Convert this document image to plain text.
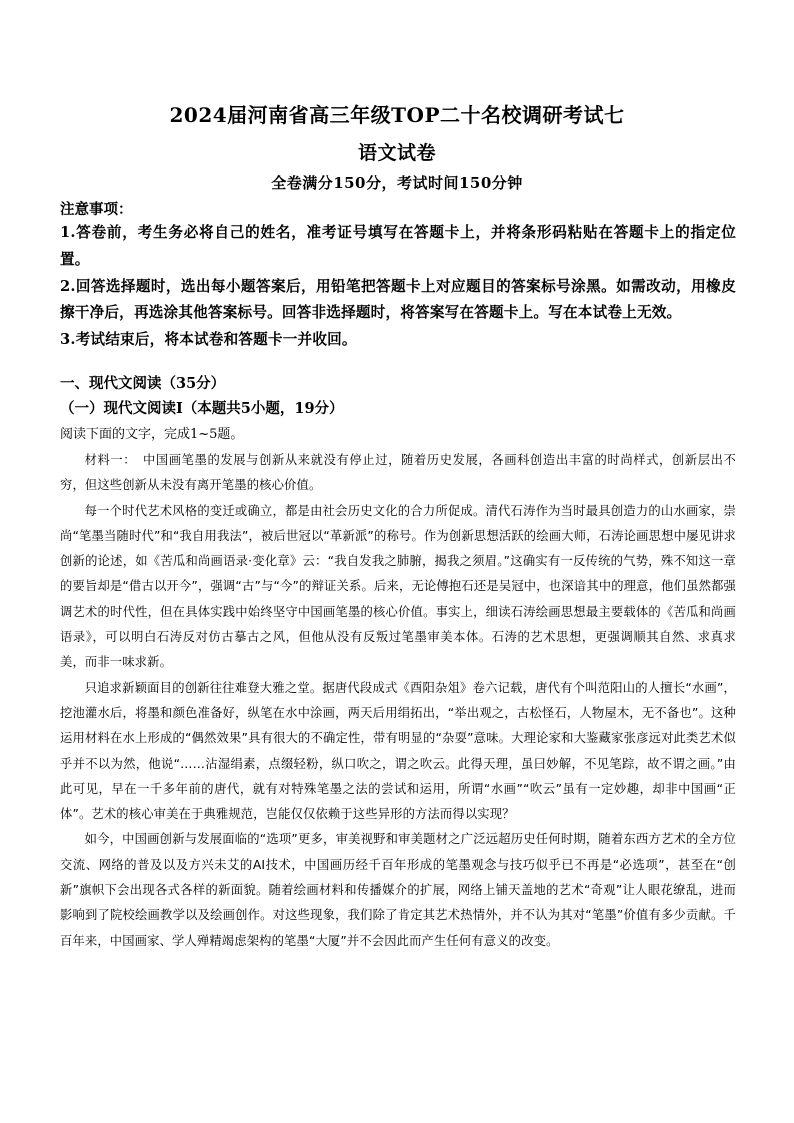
2024届河南省高三年级TOP二十名校调研考试七
语文试卷
全卷满分150分，考试时间150分钟
注意事项：

1.答卷前，考生务必将自己的姓名，准考证号填写在答题卡上，并将条形码粘贴在答题卡上的指定位置。

2.回答选择题时，选出每小题答案后，用铅笔把答题卡上对应题目的答案标号涂黑。如需改动，用橡皮擦干净后，再选涂其他答案标号。回答非选择题时，将答案写在答题卡上。写在本试卷上无效。

3.考试结束后，将本试卷和答题卡一并收回。

一、现代文阅读（35分）
（一）现代文阅读Ⅰ（本题共5小题，19分）
阅读下面的文字，完成1~5题。

材料一：　中国画笔墨的发展与创新从来就没有停止过，随着历史发展，各画科创造出丰富的时尚样式，创新层出不穷，但这些创新从未没有离开笔墨的核心价值。

每一个时代艺术风格的变迁或确立，都是由社会历史文化的合力所促成。清代石涛作为当时最具创造力的山水画家，崇尚“笔墨当随时代”和“我自用我法”，被后世冠以“革新派”的称号。作为创新思想活跃的绘画大师，石涛论画思想中屡见讲求创新的论述，如《苦瓜和尚画语录·变化章》云：“我自发我之肺腑，揭我之须眉。”这确实有一反传统的气势，殊不知这一章的要旨却是“借古以开今”，强调“古”与“今”的辩证关系。后来，无论傅抱石还是吴冠中，也深谙其中的理意，他们虽然都强调艺术的时代性，但在具体实践中始终坚守中国画笔墨的核心价值。事实上，细读石涛绘画思想最主要载体的《苦瓜和尚画语录》，可以明白石涛反对仿古摹古之风，但他从没有反叛过笔墨审美本体。石涛的艺术思想，更强调顺其自然、求真求美，而非一味求新。

只追求新颖面目的创新往往难登大雅之堂。据唐代段成式《酉阳杂俎》卷六记载，唐代有个叫范阳山的人擅长“水画”，挖池灌水后，将墨和颜色准备好，纵笔在水中涂画，两天后用绢拓出，“举出观之，古松怪石，人物屋木，无不备也”。这种运用材料在水上形成的“偶然效果”具有很大的不确定性，带有明显的“杂耍”意味。大理论家和大鉴藏家张彦远对此类艺术似乎并不以为然，他说“……沾湿绢素，点缀轻粉，纵口吹之，谓之吹云。此得天理，虽曰妙解，不见笔踪，故不谓之画。”由此可见，早在一千多年前的唐代，就有对特殊笔墨之法的尝试和运用，所谓“水画”“吹云”虽有一定妙趣，却非中国画“正体”。艺术的核心审美在于典雅规范，岂能仅仅依赖于这些异形的方法而得以实现？

如今，中国画创新与发展面临的“选项”更多，审美视野和审美题材之广泛远超历史任何时期，随着东西方艺术的全方位交流、网络的普及以及方兴未艾的AI技术，中国画历经千百年形成的笔墨观念与技巧似乎已不再是“必选项”，甚至在“创新”旗帜下会出现各式各样的新面貌。随着绘画材料和传播媒介的扩展，网络上铺天盖地的艺术“奇观”让人眼花缭乱，进而影响到了院校绘画教学以及绘画创作。对这些现象，我们除了肯定其艺术热情外，并不认为其对“笔墨”价值有多少贡献。千百年来，中国画家、学人殚精竭虑架构的笔墨“大厦”并不会因此而产生任何有意义的改变。
